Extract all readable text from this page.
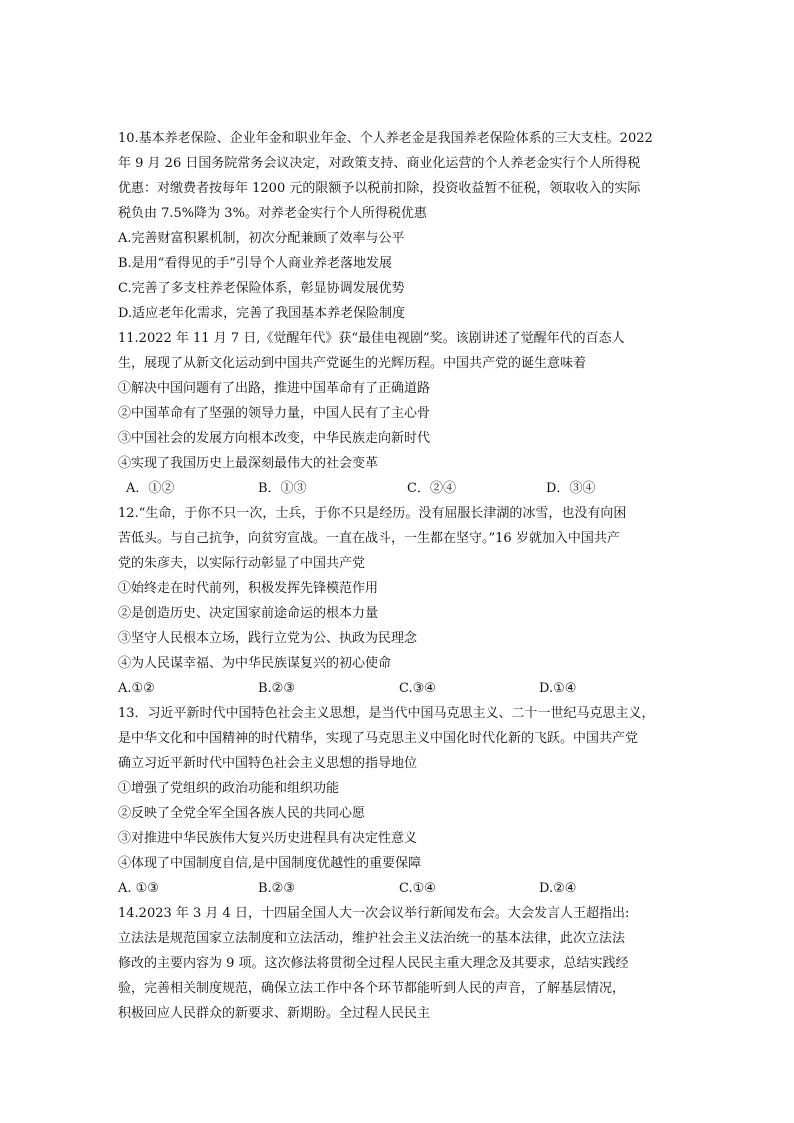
10.基本养老保险、企业年金和职业年金、个人养老金是我国养老保险体系的三大支柱。2022
年 9 月 26 日国务院常务会议决定，对政策支持、商业化运营的个人养老金实行个人所得税
优惠：对缴费者按每年 1200 元的限额予以税前扣除，投资收益暂不征税，领取收入的实际
税负由 7.5%降为 3%。对养老金实行个人所得税优惠
A.完善财富积累机制，初次分配兼顾了效率与公平
B.是用“看得见的手”引导个人商业养老落地发展
C.完善了多支柱养老保险体系，彰显协调发展优势
D.适应老年化需求，完善了我国基本养老保险制度
11.2022 年 11 月 7 日,《觉醒年代》获“最佳电视剧”奖。该剧讲述了觉醒年代的百态人
生，展现了从新文化运动到中国共产党诞生的光辉历程。中国共产党的诞生意味着
①解决中国问题有了出路，推进中国革命有了正确道路
②中国革命有了坚强的领导力量，中国人民有了主心骨
③中国社会的发展方向根本改变，中华民族走向新时代
④实现了我国历史上最深刻最伟大的社会变革
A．①②	B．①③	C．②④	D．③④
12.“生命，于你不只一次，士兵，于你不只是经历。没有屈服长津湖的冰雪，也没有向困
苦低头。与自己抗争，向贫穷宣战。一直在战斗，一生都在坚守。”16 岁就加入中国共产
党的朱彦夫，以实际行动彰显了中国共产党
①始终走在时代前列，积极发挥先锋模范作用
②是创造历史、决定国家前途命运的根本力量
③坚守人民根本立场，践行立党为公、执政为民理念
④为人民谋幸福、为中华民族谋复兴的初心使命
A.①②	B.②③	C.③④	D.①④
13．习近平新时代中国特色社会主义思想，是当代中国马克思主义、二十一世纪马克思主义，
是中华文化和中国精神的时代精华，实现了马克思主义中国化时代化新的飞跃。中国共产党
确立习近平新时代中国特色社会主义思想的指导地位
①增强了党组织的政治功能和组织功能
②反映了全党全军全国各族人民的共同心愿
③对推进中华民族伟大复兴历史进程具有决定性意义
④体现了中国制度自信,是中国制度优越性的重要保障
A. ①③	B.②③	C.①④	D.②④
14.2023 年 3 月 4 日，十四届全国人大一次会议举行新闻发布会。大会发言人王超指出:
立法法是规范国家立法制度和立法活动，维护社会主义法治统一的基本法律，此次立法法
修改的主要内容为 9 项。这次修法将贯彻全过程人民民主重大理念及其要求，总结实践经
验，完善相关制度规范，确保立法工作中各个环节都能听到人民的声音，了解基层情况，
积极回应人民群众的新要求、新期盼。全过程人民民主
